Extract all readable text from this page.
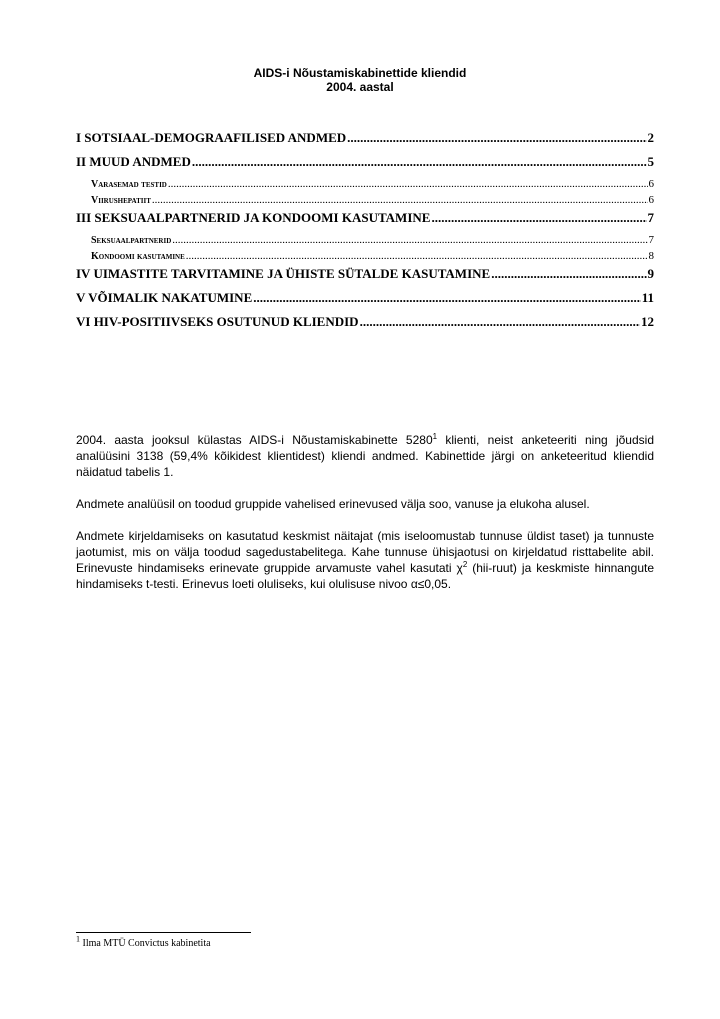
AIDS-i Nõustamiskabinettide kliendid
2004. aastal
I SOTSIAAL-DEMOGRAAFILISED ANDMED .....	2
II MUUD ANDMED .....	5
Varasemad testid .....	6
Viirushepatiit .....	6
III SEKSUAALPARTNERID JA KONDOOMI KASUTAMINE .....	7
Seksuaalpartnerid .....	7
Kondoomi kasutamine .....	8
IV UIMASTITE TARVITAMINE JA ÜHISTE SÜTALDE KASUTAMINE .....	9
V VÕIMALIK NAKATUMINE .....	11
VI HIV-POSITIIVSEKS OSUTUNUD KLIENDID .....	12
2004. aasta jooksul külastas AIDS-i Nõustamiskabinette 5280$^1$ klienti, neist anketeeriti ning jõudsid analüüsini 3138 (59,4% kõikidest klientidest) kliendi andmed. Kabinettide järgi on anketeeritud kliendid näidatud tabelis 1.
Andmete analüüsil on toodud gruppide vahelised erinevused välja soo, vanuse ja elukoha alusel.
Andmete kirjeldamiseks on kasutatud keskmist näitajat (mis iseloomustab tunnuse üldist taset) ja tunnuste jaotumist, mis on välja toodud sagedustabelitega. Kahe tunnuse ühisjaotusi on kirjeldatud risttabelite abil. Erinevuste hindamiseks erinevate gruppide arvamuste vahel kasutati $\chi^2$ (hii-ruut) ja keskmiste hinnangute hindamiseks t-testi. Erinevus loeti oluliseks, kui olulisuse nivoo α≤0,05.
$^1$ Ilma MTÜ Convictus kabinetita
